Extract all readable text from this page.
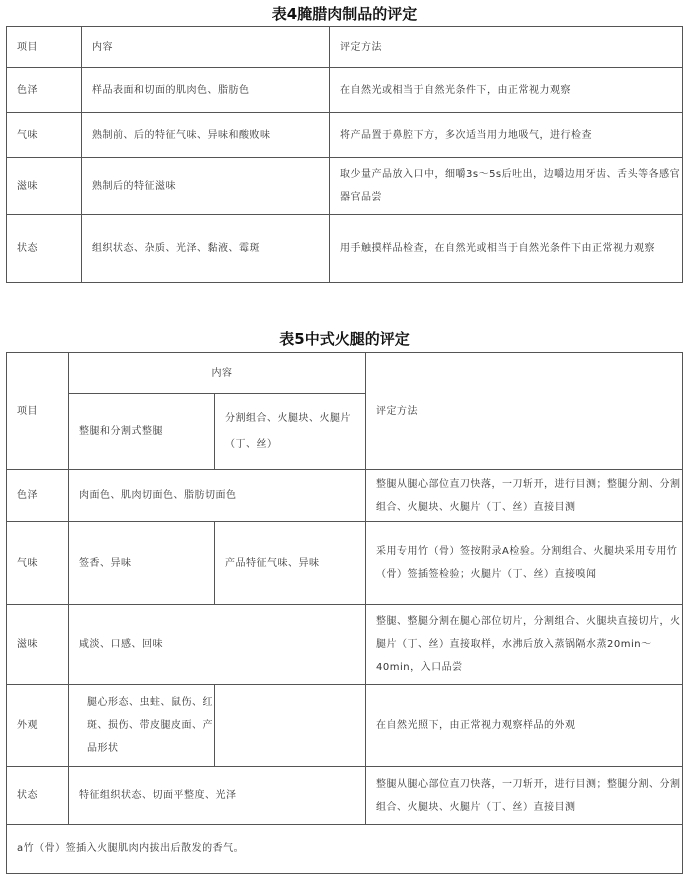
表4腌腊肉制品的评定
项目	内容	评定方法
色泽	样品表面和切面的肌肉色、脂肪色	在自然光或相当于自然光条件下，由正常视力观察
气味	熟制前、后的特征气味、异味和酸败味	将产品置于鼻腔下方，多次适当用力地吸气，进行检查
滋味	熟制后的特征滋味	取少量产品放入口中，细嚼3s～5s后吐出，边嚼边用牙齿、舌头等各感官器官品尝
状态	组织状态、杂质、光泽、黏液、霉斑	用手触摸样品检查，在自然光或相当于自然光条件下由正常视力观察
表5中式火腿的评定
项目	内容		评定方法
	整腿和分割式整腿	分割组合、火腿块、火腿片（丁、丝）	
色泽	肉面色、肌肉切面色、脂肪切面色		整腿从腿心部位直刀快落，一刀斩开，进行目测；整腿分割、分割组合、火腿块、火腿片（丁、丝）直接目测
气味	签香、异味	产品特征气味、异味	采用专用竹（骨）签按附录A检验。分割组合、火腿块采用专用竹（骨）签插签检验；火腿片（丁、丝）直接嗅闻
滋味	咸淡、口感、回味		整腿、整腿分割在腿心部位切片，分割组合、火腿块直接切片，火腿片（丁、丝）直接取样，水沸后放入蒸锅隔水蒸20min～40min，入口品尝
外观	腿心形态、虫蛀、鼠伤、红斑、损伤、带皮腿皮面、产品形状		在自然光照下，由正常视力观察样品的外观
状态	特征组织状态、切面平整度、光泽		整腿从腿心部位直刀快落，一刀斩开，进行目测；整腿分割、分割组合、火腿块、火腿片（丁、丝）直接目测
a竹（骨）签插入火腿肌肉内拔出后散发的香气。			
